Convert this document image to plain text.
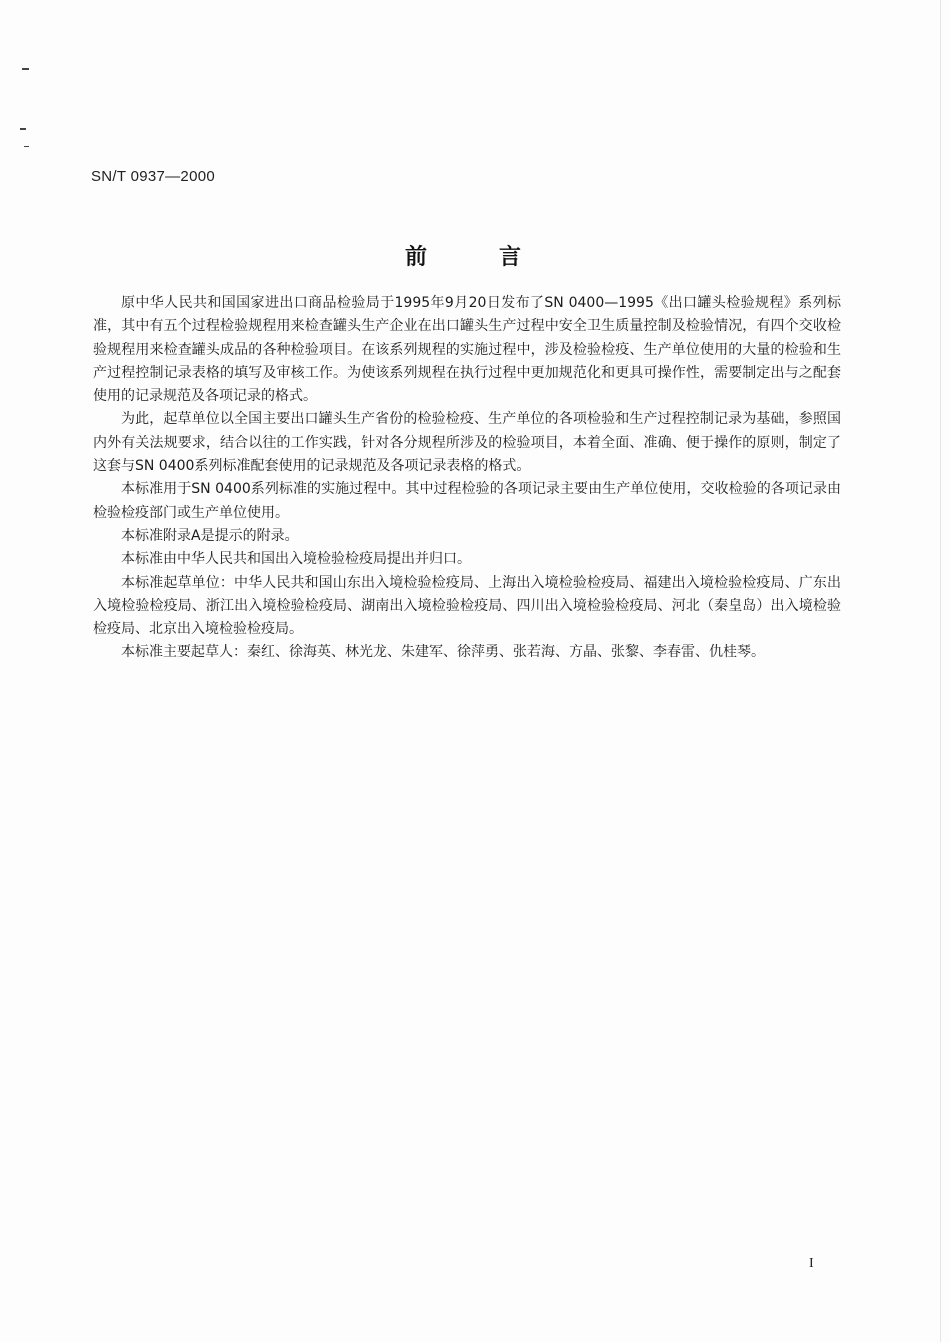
SN/T 0937—2000
前言

原中华人民共和国国家进出口商品检验局于1995年9月20日发布了SN 0400—1995《出口罐头检验规程》系列标准，其中有五个过程检验规程用来检查罐头生产企业在出口罐头生产过程中安全卫生质量控制及检验情况，有四个交收检验规程用来检查罐头成品的各种检验项目。在该系列规程的实施过程中，涉及检验检疫、生产单位使用的大量的检验和生产过程控制记录表格的填写及审核工作。为使该系列规程在执行过程中更加规范化和更具可操作性，需要制定出与之配套使用的记录规范及各项记录的格式。

为此，起草单位以全国主要出口罐头生产省份的检验检疫、生产单位的各项检验和生产过程控制记录为基础，参照国内外有关法规要求，结合以往的工作实践，针对各分规程所涉及的检验项目，本着全面、准确、便于操作的原则，制定了这套与SN 0400系列标准配套使用的记录规范及各项记录表格的格式。

本标准用于SN 0400系列标准的实施过程中。其中过程检验的各项记录主要由生产单位使用，交收检验的各项记录由检验检疫部门或生产单位使用。

本标准附录A是提示的附录。

本标准由中华人民共和国出入境检验检疫局提出并归口。

本标准起草单位：中华人民共和国山东出入境检验检疫局、上海出入境检验检疫局、福建出入境检验检疫局、广东出入境检验检疫局、浙江出入境检验检疫局、湖南出入境检验检疫局、四川出入境检验检疫局、河北（秦皇岛）出入境检验检疫局、北京出入境检验检疫局。

本标准主要起草人：秦红、徐海英、林光龙、朱建军、徐萍勇、张若海、方晶、张黎、李春雷、仇桂琴。

I
